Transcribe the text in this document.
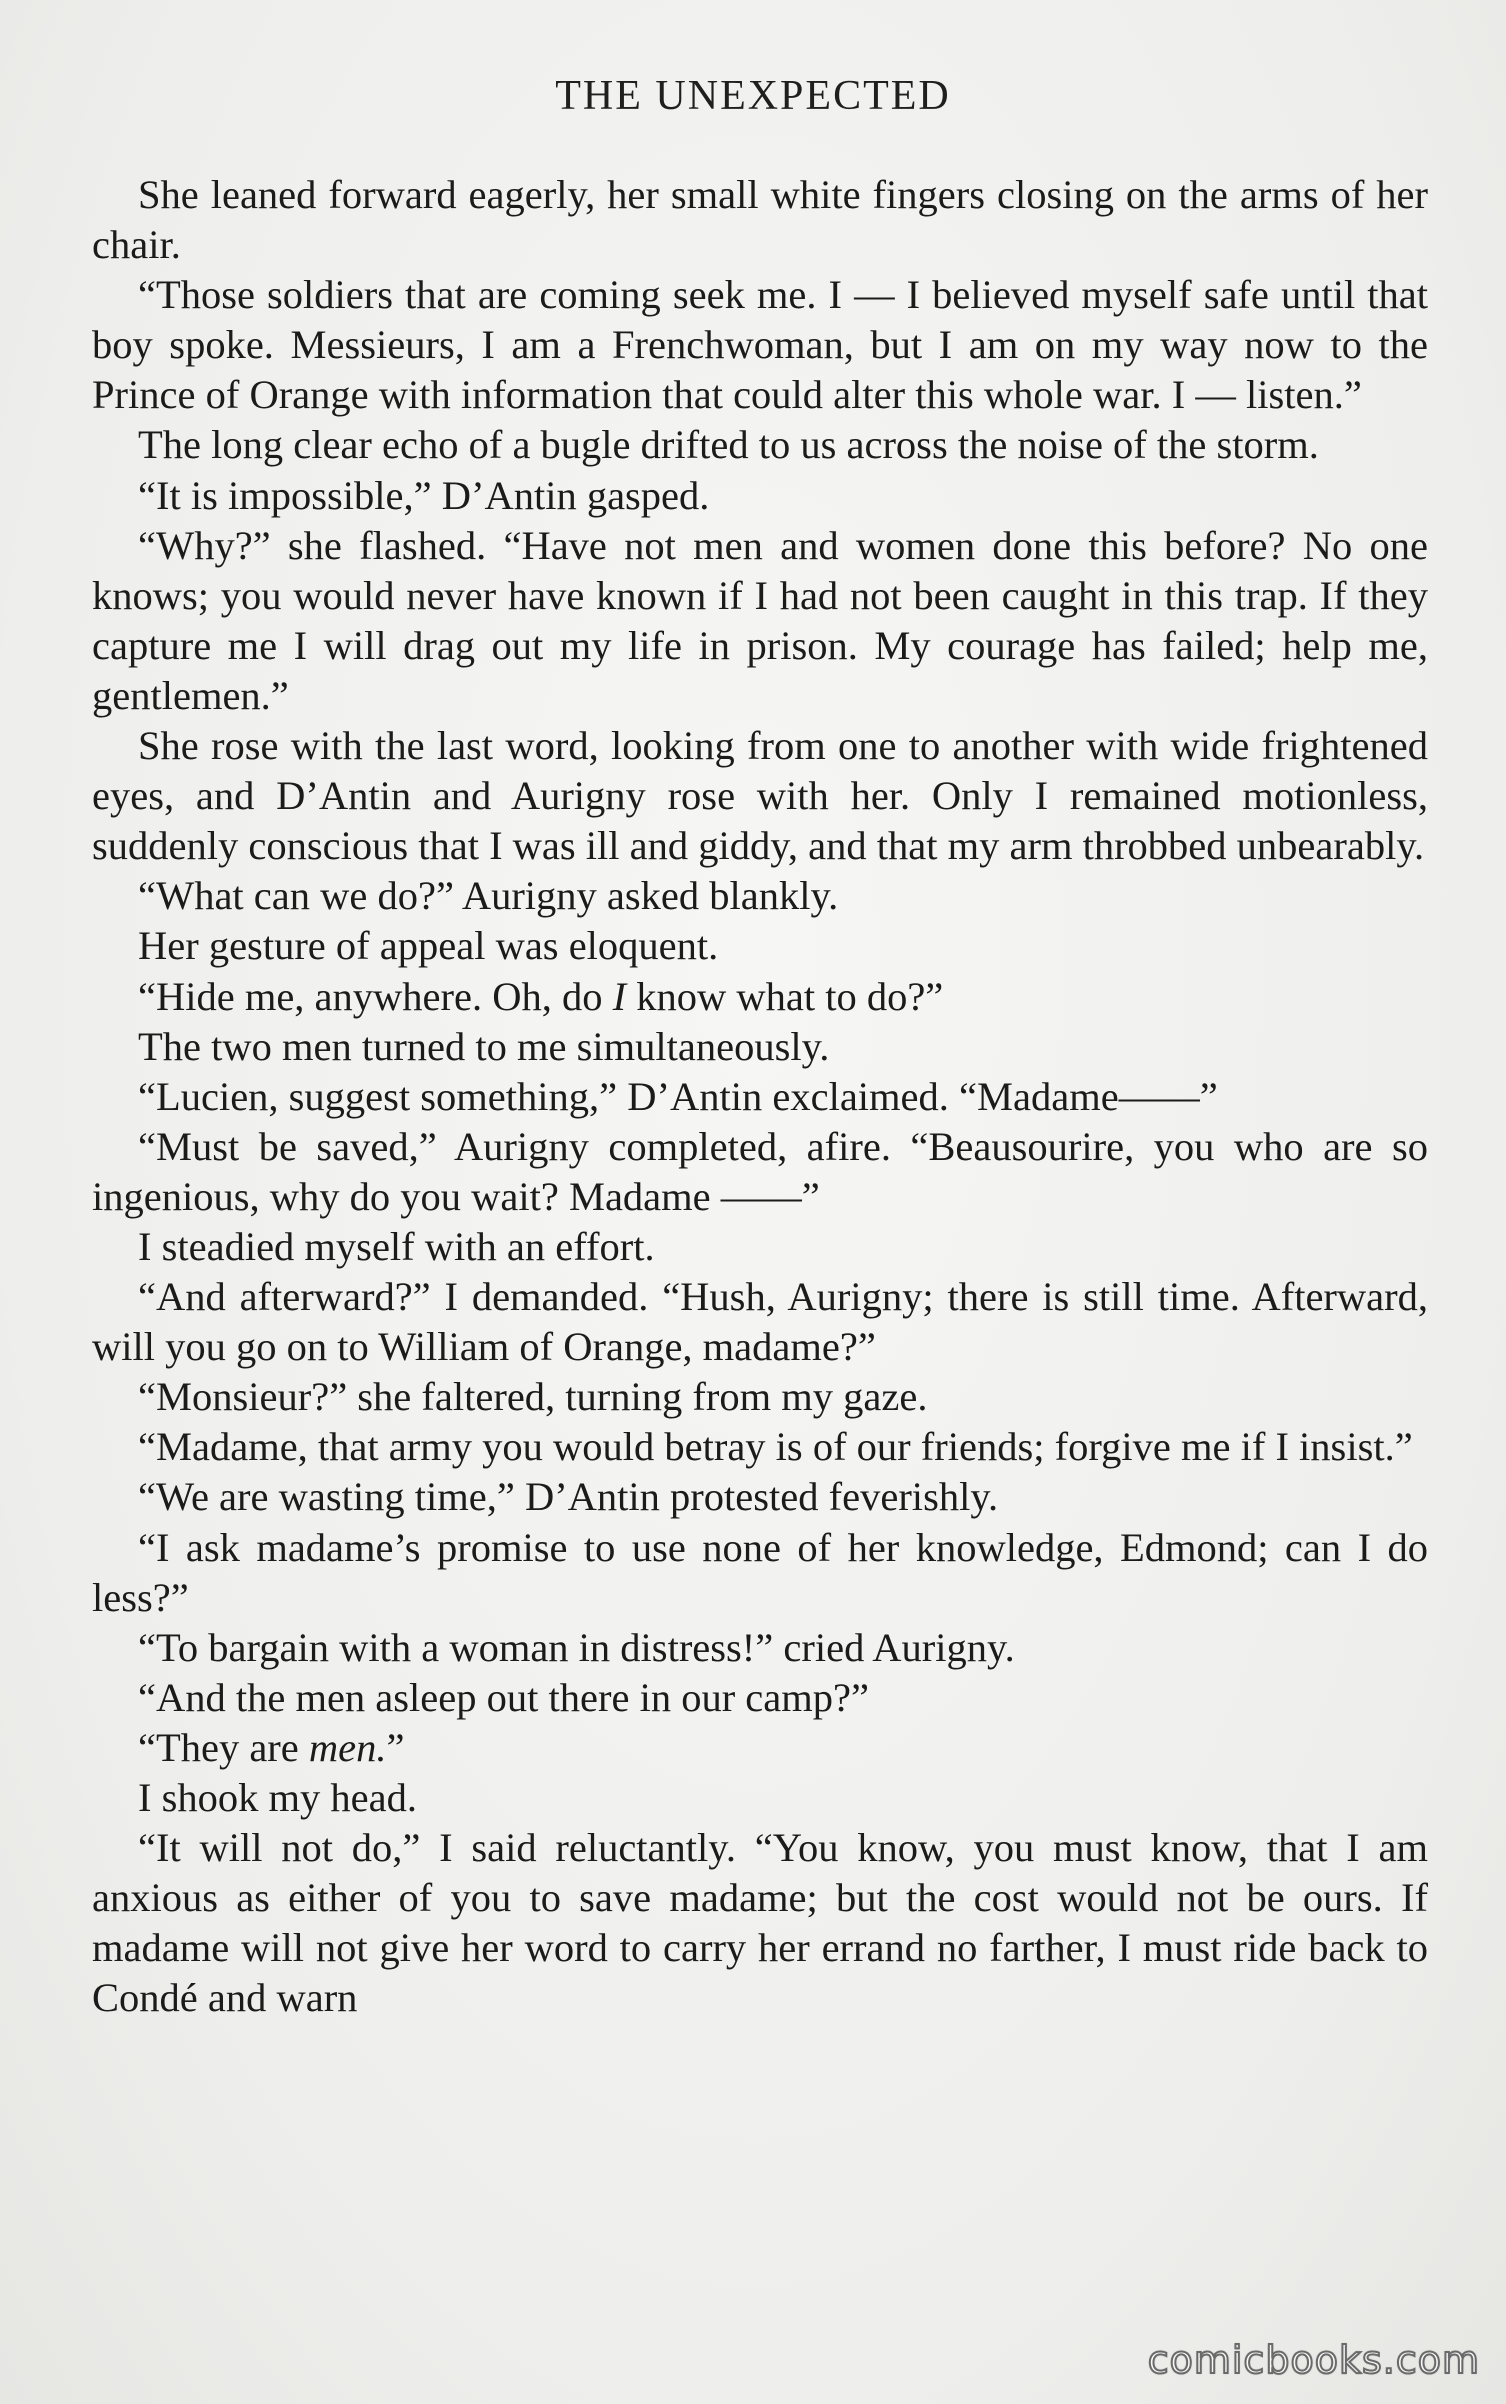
THE UNEXPECTED

She leaned forward eagerly, her small white fingers closing on the arms of her chair.

“Those soldiers that are coming seek me. I — I believed myself safe until that boy spoke. Messieurs, I am a Frenchwoman, but I am on my way now to the Prince of Orange with information that could alter this whole war. I — listen.”

The long clear echo of a bugle drifted to us across the noise of the storm.

“It is impossible,” D’Antin gasped.

“Why?” she flashed. “Have not men and women done this before? No one knows; you would never have known if I had not been caught in this trap. If they capture me I will drag out my life in prison. My courage has failed; help me, gentlemen.”

She rose with the last word, looking from one to another with wide frightened eyes, and D’Antin and Aurigny rose with her. Only I remained motionless, suddenly conscious that I was ill and giddy, and that my arm throbbed unbearably.

“What can we do?” Aurigny asked blankly.

Her gesture of appeal was eloquent.

“Hide me, anywhere. Oh, do I know what to do?”

The two men turned to me simultaneously.

“Lucien, suggest something,” D’Antin exclaimed. “Madame——”

“Must be saved,” Aurigny completed, afire. “Beausourire, you who are so ingenious, why do you wait? Madame ——”

I steadied myself with an effort.

“And afterward?” I demanded. “Hush, Aurigny; there is still time. Afterward, will you go on to William of Orange, madame?”

“Monsieur?” she faltered, turning from my gaze.

“Madame, that army you would betray is of our friends; forgive me if I insist.”

“We are wasting time,” D’Antin protested feverishly.

“I ask madame’s promise to use none of her knowledge, Edmond; can I do less?”

“To bargain with a woman in distress!” cried Aurigny.

“And the men asleep out there in our camp?”

“They are men.”

I shook my head.

“It will not do,” I said reluctantly. “You know, you must know, that I am anxious as either of you to save madame; but the cost would not be ours. If madame will not give her word to carry her errand no farther, I must ride back to Condé and warn

comicbooks.com
